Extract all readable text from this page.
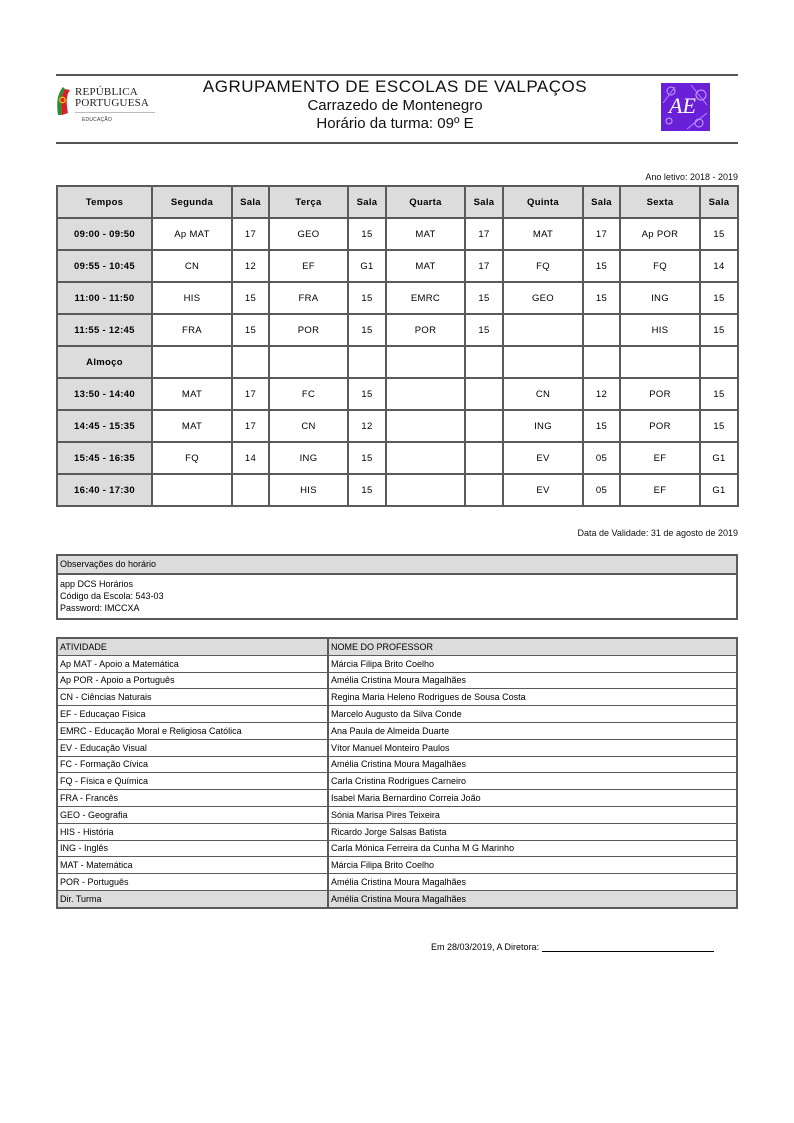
REPÚBLICA
PORTUGUESA
EDUCAÇÃO
AGRUPAMENTO DE ESCOLAS DE VALPAÇOS
Carrazedo de Montenegro
Horário da turma: 09º E
AE
Ano letivo: 2018 - 2019
Tempos	Segunda	Sala	Terça	Sala	Quarta	Sala	Quinta	Sala	Sexta	Sala
09:00 - 09:50	Ap MAT	17	GEO	15	MAT	17	MAT	17	Ap POR	15
09:55 - 10:45	CN	12	EF	G1	MAT	17	FQ	15	FQ	14
11:00 - 11:50	HIS	15	FRA	15	EMRC	15	GEO	15	ING	15
11:55 - 12:45	FRA	15	POR	15	POR	15			HIS	15
Almoço										
13:50 - 14:40	MAT	17	FC	15			CN	12	POR	15
14:45 - 15:35	MAT	17	CN	12			ING	15	POR	15
15:45 - 16:35	FQ	14	ING	15			EV	05	EF	G1
16:40 - 17:30			HIS	15			EV	05	EF	G1
Data de Validade: 31 de agosto de 2019
Observações do horário
app DCS Horários
Código da Escola: 543-03
Password: IMCCXA
ATIVIDADE	NOME DO PROFESSOR
Ap MAT - Apoio a Matemática	Márcia Filipa Brito Coelho
Ap POR - Apoio a Português	Amélia Cristina Moura Magalhães
CN - Ciências Naturais	Regina Maria Heleno Rodrigues de Sousa Costa
EF - Educaçao Fisica	Marcelo Augusto da Silva Conde
EMRC - Educação Moral e Religiosa Católica	Ana Paula de Almeida Duarte
EV - Educação Visual	Vítor Manuel Monteiro Paulos
FC - Formação Cívica	Amélia Cristina Moura Magalhães
FQ - Física e Química	Carla Cristina Rodrigues Carneiro
FRA - Francês	Isabel Maria Bernardino Correia João
GEO - Geografia	Sónia Marisa Pires Teixeira
HIS - História	Ricardo Jorge Salsas Batista
ING - Inglês	Carla Mónica Ferreira da Cunha M G Marinho
MAT - Matemática	Márcia Filipa Brito Coelho
POR - Português	Amélia Cristina Moura Magalhães
Dir. Turma	Amélia Cristina Moura Magalhães
Em 28/03/2019, A Diretora:
